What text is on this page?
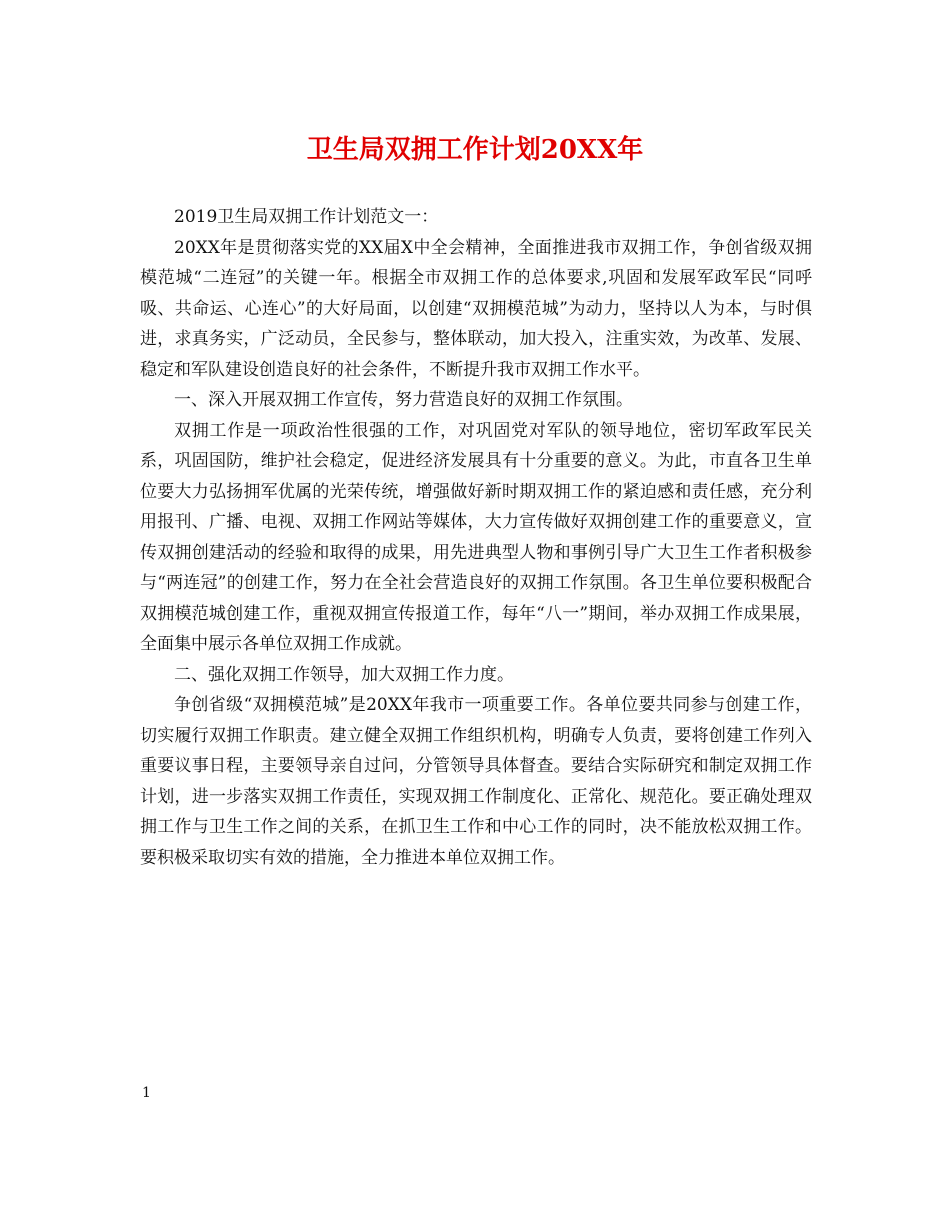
卫生局双拥工作计划20XX年

2019卫生局双拥工作计划范文一：

20XX年是贯彻落实党的XX届X中全会精神，全面推进我市双拥工作，争创省级双拥模范城“二连冠”的关键一年。根据全市双拥工作的总体要求,巩固和发展军政军民“同呼吸、共命运、心连心”的大好局面，以创建“双拥模范城”为动力，坚持以人为本，与时俱进，求真务实，广泛动员，全民参与，整体联动，加大投入，注重实效，为改革、发展、稳定和军队建设创造良好的社会条件，不断提升我市双拥工作水平。

一、深入开展双拥工作宣传，努力营造良好的双拥工作氛围。

双拥工作是一项政治性很强的工作，对巩固党对军队的领导地位，密切军政军民关系，巩固国防，维护社会稳定，促进经济发展具有十分重要的意义。为此，市直各卫生单位要大力弘扬拥军优属的光荣传统，增强做好新时期双拥工作的紧迫感和责任感，充分利用报刊、广播、电视、双拥工作网站等媒体，大力宣传做好双拥创建工作的重要意义，宣传双拥创建活动的经验和取得的成果，用先进典型人物和事例引导广大卫生工作者积极参与“两连冠”的创建工作，努力在全社会营造良好的双拥工作氛围。各卫生单位要积极配合双拥模范城创建工作，重视双拥宣传报道工作，每年“八一”期间，举办双拥工作成果展，全面集中展示各单位双拥工作成就。

二、强化双拥工作领导，加大双拥工作力度。

争创省级“双拥模范城”是20XX年我市一项重要工作。各单位要共同参与创建工作，切实履行双拥工作职责。建立健全双拥工作组织机构，明确专人负责，要将创建工作列入重要议事日程，主要领导亲自过问，分管领导具体督查。要结合实际研究和制定双拥工作计划，进一步落实双拥工作责任，实现双拥工作制度化、正常化、规范化。要正确处理双拥工作与卫生工作之间的关系，在抓卫生工作和中心工作的同时，决不能放松双拥工作。要积极采取切实有效的措施，全力推进本单位双拥工作。

1
